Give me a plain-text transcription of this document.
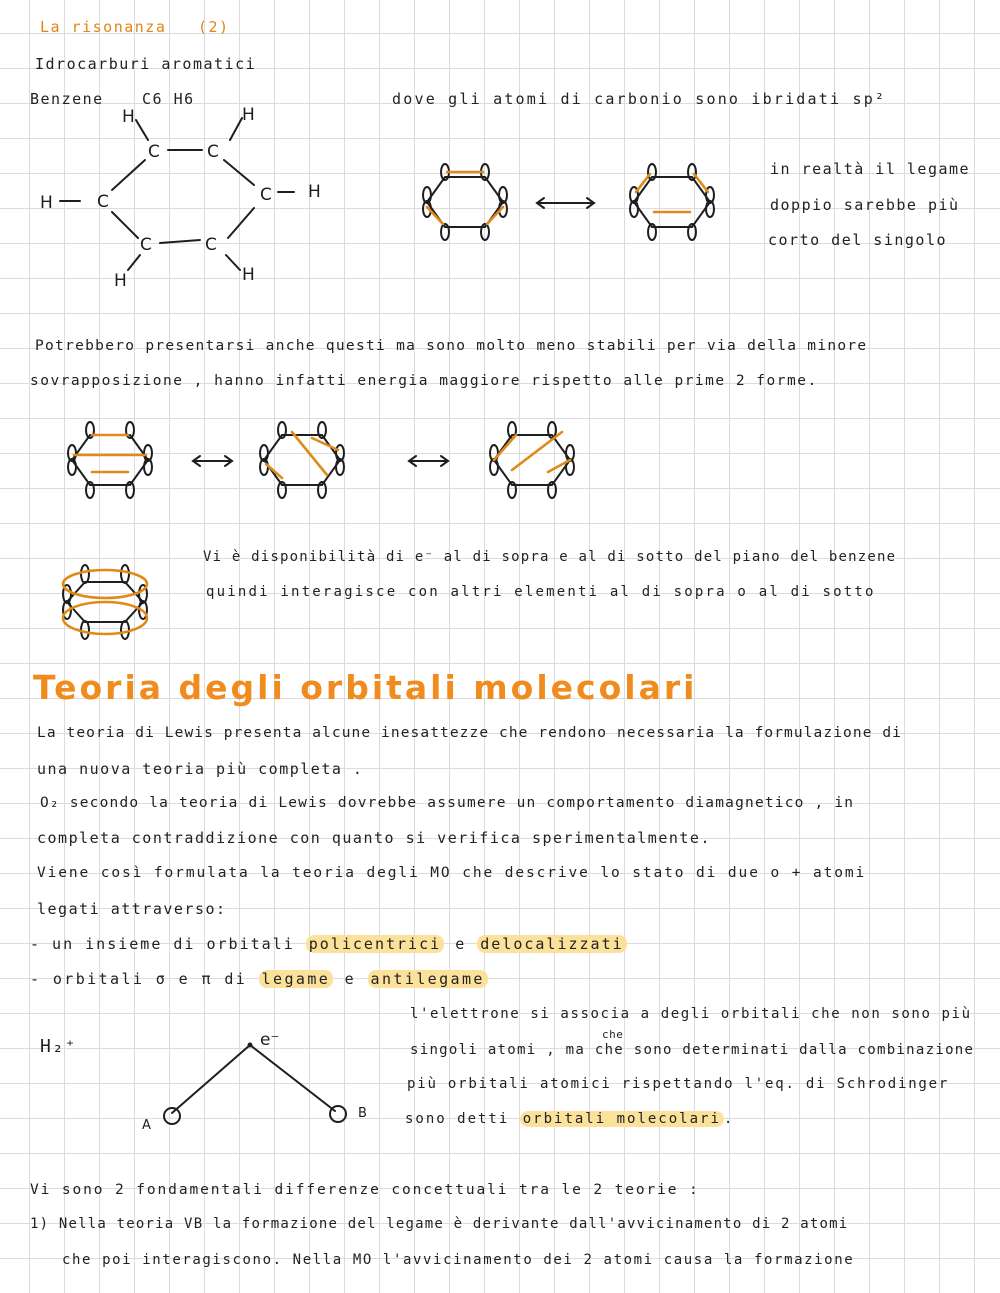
La risonanza   (2)
Idrocarburi aromatici
Benzene	C6 H6	dove gli atomi di carbonio sono ibridati sp²
C	C
C	C
C	C
H	H
H
H
H	H
in realtà il legame
doppio sarebbe più
corto del singolo
Potrebbero presentarsi anche questi ma sono molto meno stabili per via della minore
sovrapposizione , hanno infatti energia maggiore rispetto alle prime 2 forme.
Vi è disponibilità di e⁻ al di sopra e al di sotto del piano del benzene
quindi interagisce con altri elementi al di sopra o al di sotto
Teoria degli orbitali molecolari
La teoria di Lewis presenta alcune inesattezze che rendono necessaria la formulazione di
una nuova teoria più completa .
O₂ secondo la teoria di Lewis dovrebbe assumere un comportamento diamagnetico , in
completa contraddizione con quanto si verifica sperimentalmente.
Viene così formulata la teoria degli MO che descrive lo stato di due o + atomi
legati attraverso:
- un insieme di orbitali policentrici e delocalizzati
- orbitali σ e π di legame e antilegame
H₂⁺	e⁻
A
B
l'elettrone si associa a degli orbitali che non sono più
che
singoli atomi , ma che sono determinati dalla combinazione
più orbitali atomici rispettando l'eq. di Schrodinger
sono detti orbitali molecolari .
Vi sono 2 fondamentali differenze concettuali tra le 2 teorie :
1) Nella teoria VB la formazione del legame è derivante dall'avvicinamento di 2 atomi
che poi interagiscono. Nella MO l'avvicinamento dei 2 atomi causa la formazione
